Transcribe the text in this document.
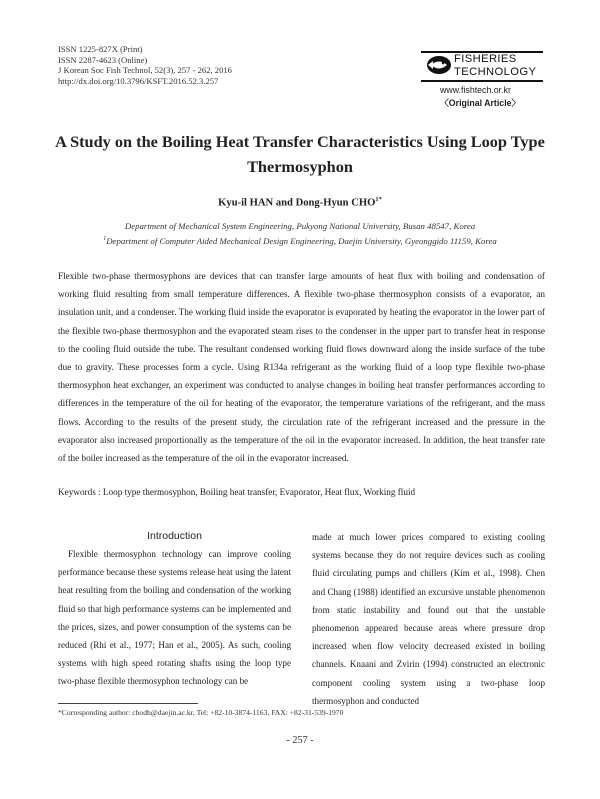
ISSN 1225-827X (Print)
ISSN 2287-4623 (Online)
J Korean Soc Fish Technol, 52(3), 257 - 262, 2016
http://dx.doi.org/10.3796/KSFT.2016.52.3.257
FISHERIES
TECHNOLOGY
www.fishtech.or.kr
〈Original Article〉
A Study on the Boiling Heat Transfer Characteristics Using Loop Type Thermosyphon
Kyu-il HAN and Dong-Hyun $CHO^{1*}$
Department of Mechanical System Engineering, Pukyong National University, Busan 48547, Korea
$^1$Department of Computer Aided Mechanical Design Engineering, Daejin University, Gyeonggido 11159, Korea
Flexible two-phase thermosyphons are devices that can transfer large amounts of heat flux with boiling and condensation of working fluid resulting from small temperature differences. A flexible two-phase thermosyphon consists of a evaporator, an insulation unit, and a condenser. The working fluid inside the evaporator is evaporated by heating the evaporator in the lower part of the flexible two-phase thermosyphon and the evaporated steam rises to the condenser in the upper part to transfer heat in response to the cooling fluid outside the tube. The resultant condensed working fluid flows downward along the inside surface of the tube due to gravity. These processes form a cycle. Using R134a refrigerant as the working fluid of a loop type flexible two-phase thermosyphon heat exchanger, an experiment was conducted to analyse changes in boiling heat transfer performances according to differences in the temperature of the oil for heating of the evaporator, the temperature variations of the refrigerant, and the mass flows. According to the results of the present study, the circulation rate of the refrigerant increased and the pressure in the evaporator also increased proportionally as the temperature of the oil in the evaporator increased. In addition, the heat transfer rate of the boiler increased as the temperature of the oil in the evaporator increased.
Keywords : Loop type thermosyphon, Boiling heat transfer, Evaporator, Heat flux, Working fluid
Introduction
Flexible thermosyphon technology can improve cooling performance because these systems release heat using the latent heat resulting from the boiling and condensation of the working fluid so that high performance systems can be implemented and the prices, sizes, and power consumption of the systems can be reduced (Rhi et al., 1977; Han et al., 2005). As such, cooling systems with high speed rotating shafts using the loop type two-phase flexible thermosyphon technology can be
made at much lower prices compared to existing cooling systems because they do not require devices such as cooling fluid circulating pumps and chillers (Kim et al., 1998). Chen and Chang (1988) identified an excursive unstable phenomenon from static instability and found out that the unstable phenomenon appeared because areas where pressure drop increased when flow velocity decreased existed in boiling channels. Knaani and Zvirin (1994) constructed an electronic component cooling system using a two-phase loop thermosyphon and conducted
*Corresponding author: chodh@daejin.ac.kr, Tel: +82-10-3874-1163, FAX: +82-31-539-1970
- 257 -
